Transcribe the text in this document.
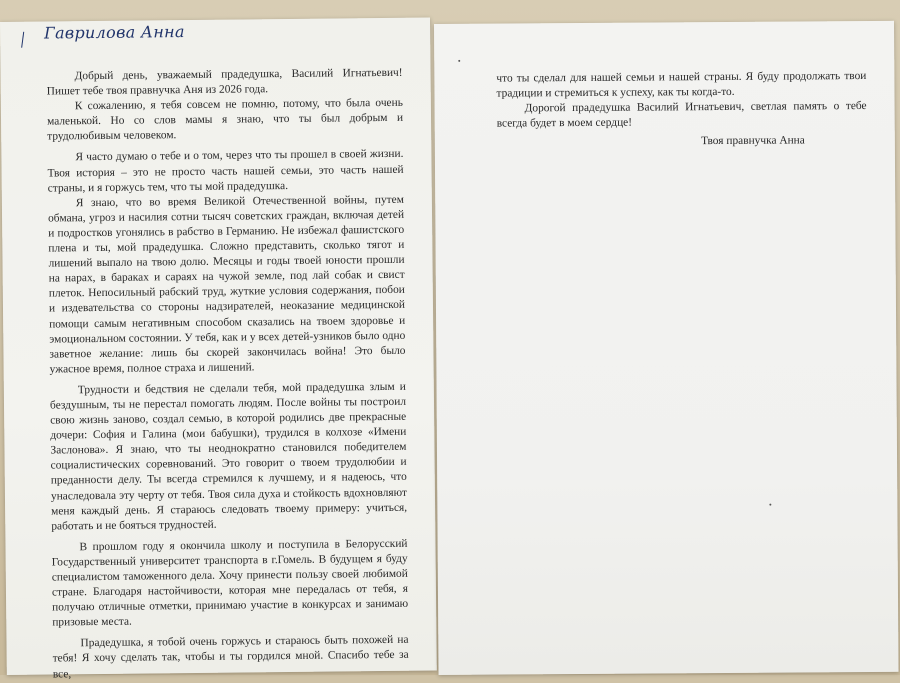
Гаврилова Анна

Добрый день, уважаемый прадедушка, Василий Игнатьевич! Пишет тебе твоя правнучка Аня из 2026 года.

К сожалению, я тебя совсем не помню, потому, что была очень маленькой. Но со слов мамы я знаю, что ты был добрым и трудолюбивым человеком.

Я часто думаю о тебе и о том, через что ты прошел в своей жизни. Твоя история – это не просто часть нашей семьи, это часть нашей страны, и я горжусь тем, что ты мой прадедушка.

Я знаю, что во время Великой Отечественной войны, путем обмана, угроз и насилия сотни тысяч советских граждан, включая детей и подростков угонялись в рабство в Германию. Не избежал фашистского плена и ты, мой прадедушка. Сложно представить, сколько тягот и лишений выпало на твою долю. Месяцы и годы твоей юности прошли на нарах, в бараках и сараях на чужой земле, под лай собак и свист плеток. Непосильный рабский труд, жуткие условия содержания, побои и издевательства со стороны надзирателей, неоказание медицинской помощи самым негативным способом сказались на твоем здоровье и эмоциональном состоянии. У тебя, как и у всех детей-узников было одно заветное желание: лишь бы скорей закончилась война! Это было ужасное время, полное страха и лишений.

Трудности и бедствия не сделали тебя, мой прадедушка злым и бездушным, ты не перестал помогать людям. После войны ты построил свою жизнь заново, создал семью, в которой родились две прекрасные дочери: София и Галина (мои бабушки), трудился в колхозе «Имени Заслонова». Я знаю, что ты неоднократно становился победителем социалистических соревнований. Это говорит о твоем трудолюбии и преданности делу. Ты всегда стремился к лучшему, и я надеюсь, что унаследовала эту черту от тебя. Твоя сила духа и стойкость вдохновляют меня каждый день. Я стараюсь следовать твоему примеру: учиться, работать и не бояться трудностей.

В прошлом году я окончила школу и поступила в Белорусский Государственный университет транспорта в г.Гомель. В будущем я буду специалистом таможенного дела. Хочу принести пользу своей любимой стране. Благодаря настойчивости, которая мне передалась от тебя, я получаю отличные отметки, принимаю участие в конкурсах и занимаю призовые места.

Прадедушка, я тобой очень горжусь и стараюсь быть похожей на тебя! Я хочу сделать так, чтобы и ты гордился мной. Спасибо тебе за все,

что ты сделал для нашей семьи и нашей страны. Я буду продолжать твои традиции и стремиться к успеху, как ты когда-то.

Дорогой прадедушка Василий Игнатьевич, светлая память о тебе всегда будет в моем сердце!

Твоя правнучка Анна
